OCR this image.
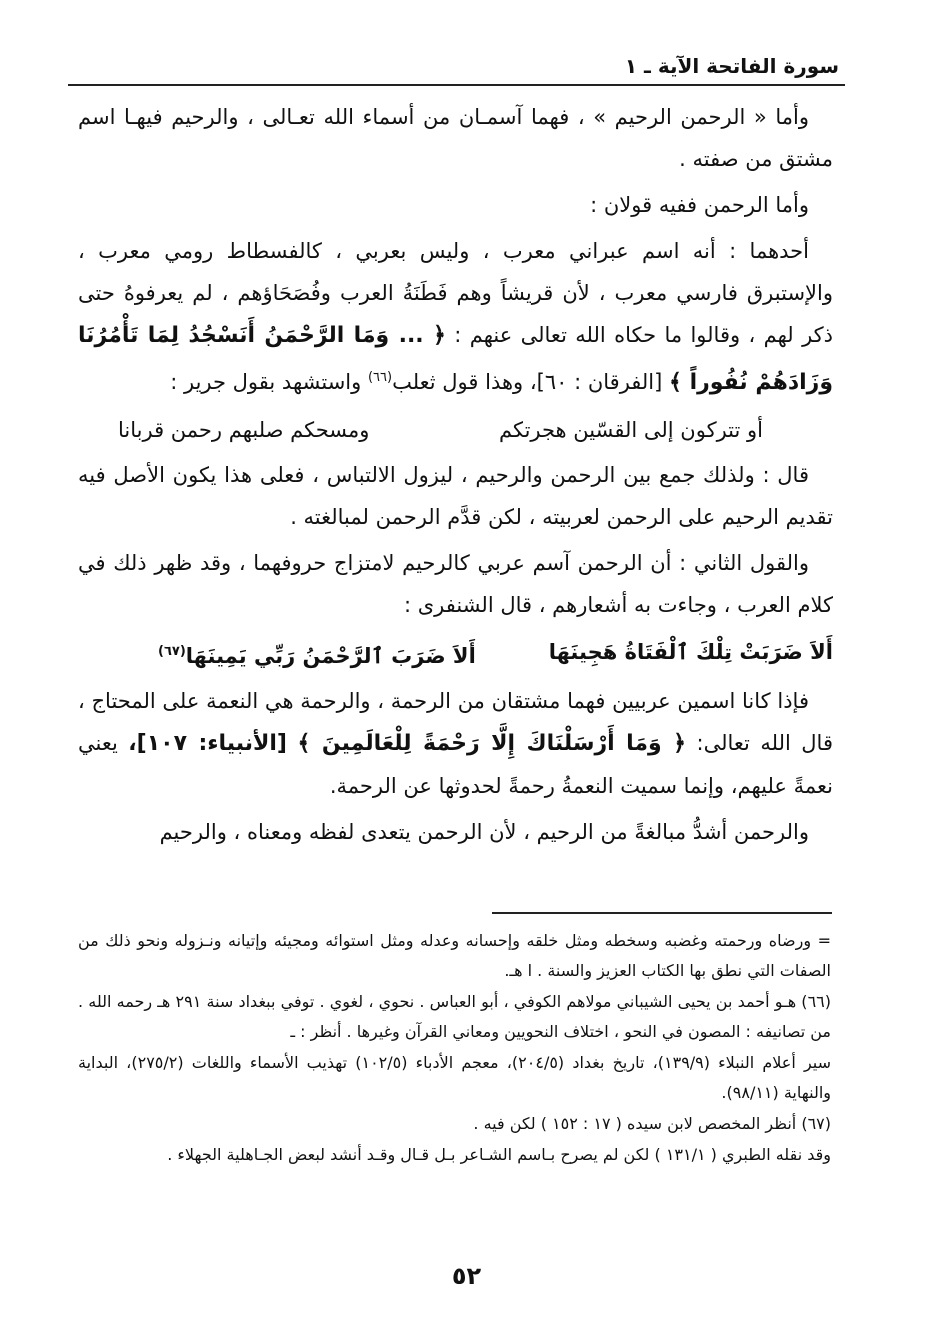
سورة الفاتحة الآية ـ ١

وأما « الرحمن الرحيم » ، فهما آسمـان من أسماء الله تعـالى ، والرحيم فيهـا اسم مشتق من صفته .

وأما الرحمن ففيه قولان :

أحدهما : أنه اسم عبراني معرب ، وليس بعربي ، كالفسطاط رومي معرب ، والإستبرق فارسي معرب ، لأن قريشاً وهم فَطَنَةُ العرب وفُصَحَاؤهم ، لم يعرفوهُ حتى ذكر لهم ، وقالوا ما حكاه الله تعالى عنهم : ﴿ ... وَمَا الرَّحْمَنُ أَنَسْجُدُ لِمَا تَأْمُرُنَا وَزَادَهُمْ نُفُوراً ﴾ [الفرقان : ٦٠]، وهذا قول ثعلب$^{(٦٦)}$ واستشهد بقول جرير :

أو تتركون إلى القسّين هجرتكم
ومسحكم صلبهم رحمن قربانا

قال : ولذلك جمع بين الرحمن والرحيم ، ليزول الالتباس ، فعلى هذا يكون الأصل فيه تقديم الرحيم على الرحمن لعربيته ، لكن قدَّم الرحمن لمبالغته .

والقول الثاني : أن الرحمن آسم عربي كالرحيم لامتزاج حروفهما ، وقد ظهر ذلك في كلام العرب ، وجاءت به أشعارهم ، قال الشنفرى :

أَلاَ ضَرَبَتْ تِلْكَ ٱلْفَتَاةُ هَجِينَهَا
أَلاَ ضَرَبَ ٱلرَّحْمَنُ رَبِّي يَمِينَهَا$^{(٦٧)}$

فإذا كانا اسمين عربيين فهما مشتقان من الرحمة ، والرحمة هي النعمة على المحتاج ، قال الله تعالى: ﴿ وَمَا أَرْسَلْنَاكَ إِلَّا رَحْمَةً لِلْعَالَمِينَ ﴾ [الأنبياء: ١٠٧]، يعني نعمةً عليهم، وإنما سميت النعمةُ رحمةً لحدوثها عن الرحمة.

والرحمن أشدُّ مبالغةً من الرحيم ، لأن الرحمن يتعدى لفظه ومعناه ، والرحيم

= ورضاه ورحمته وغضبه وسخطه ومثل خلقه وإحسانه وعدله ومثل استوائه ومجيئه وإتيانه ونـزوله ونحو ذلك من الصفات التي نطق بها الكتاب العزيز والسنة . ا هـ.

(٦٦) هـو أحمد بن يحيى الشيباني مولاهم الكوفي ، أبو العباس . نحوي ، لغوي . توفي ببغداد سنة ٢٩١ هـ رحمه الله . من تصانيفه : المصون في النحو ، اختلاف النحويين ومعاني القرآن وغيرها . أنظر : ـ

سير أعلام النبلاء (١٣٩/٩)، تاريخ بغداد (٢٠٤/٥)، معجم الأدباء (١٠٢/٥) تهذيب الأسماء واللغات (٢٧٥/٢)، البداية والنهاية (٩٨/١١).

(٦٧) أنظر المخصص لابن سيده ( ١٧ : ١٥٢ ) لكن فيه .

وقد نقله الطبري ( ١٣١/١ ) لكن لم يصرح بـاسم الشـاعر بـل قـال وقـد أنشد لبعض الجـاهلية الجهلاء .

٥٢
